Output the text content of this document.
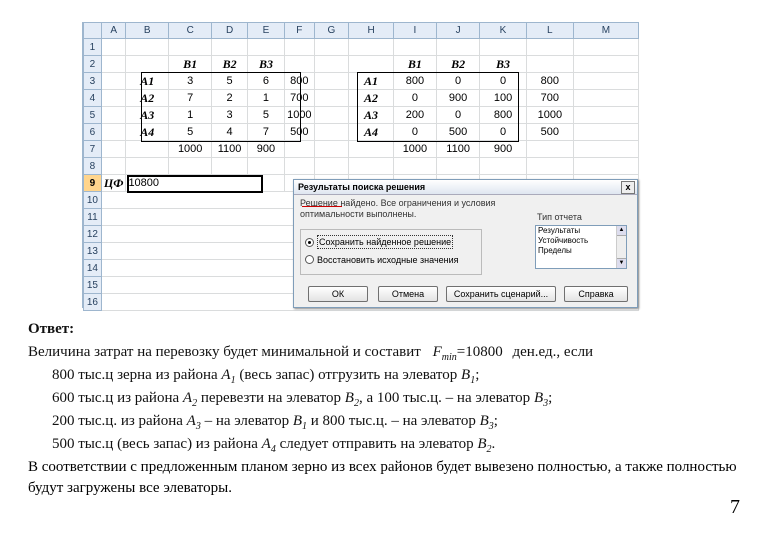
	A	B	C	D	E	F	G	H	I	J	K	L	M
1													
2			B1	B2	B3				B1	B2	B3		
3		A1	3	5	6	800		A1	800	0	0	800	
4		A2	7	2	1	700		A2	0	900	100	700	
5		A3	1	3	5	1000		A3	200	0	800	1000	
6		A4	5	4	7	500		A4	0	500	0	500	
7			1000	1100	900				1000	1100	900		
8													
9	ЦФ	10800											
10													
11													
12													
13													
14													
15													
16													
Результаты поиска решения	x
Решение найдено. Все ограничения и условия
оптимальности выполнены.
Сохранить найденное решение
Восстановить исходные значения
Тип отчета
Результаты
Устойчивость
Пределы
▲
▼
ОК	Отмена	Сохранить сценарий...	Справка
Ответ:
Величина затрат на перевозку будет минимальной и составит $F_{min}=10800$ ден.ед., если
800 тыс.ц зерна из района $A_1$ (весь запас) отгрузить на элеватор $B_1$;
600 тыс.ц из района $A_2$ перевезти на элеватор $B_2$, а 100 тыс.ц. – на элеватор $B_3$;
200 тыс.ц. из района $A_3$ – на элеватор $B_1$ и 800 тыс.ц. – на элеватор $B_3$;
500 тыс.ц (весь запас) из района $A_4$ следует отправить на элеватор $B_2$.
В соответствии с предложенным планом зерно из всех районов будет вывезено полностью, а также полностью будут загружены все элеваторы.
7
